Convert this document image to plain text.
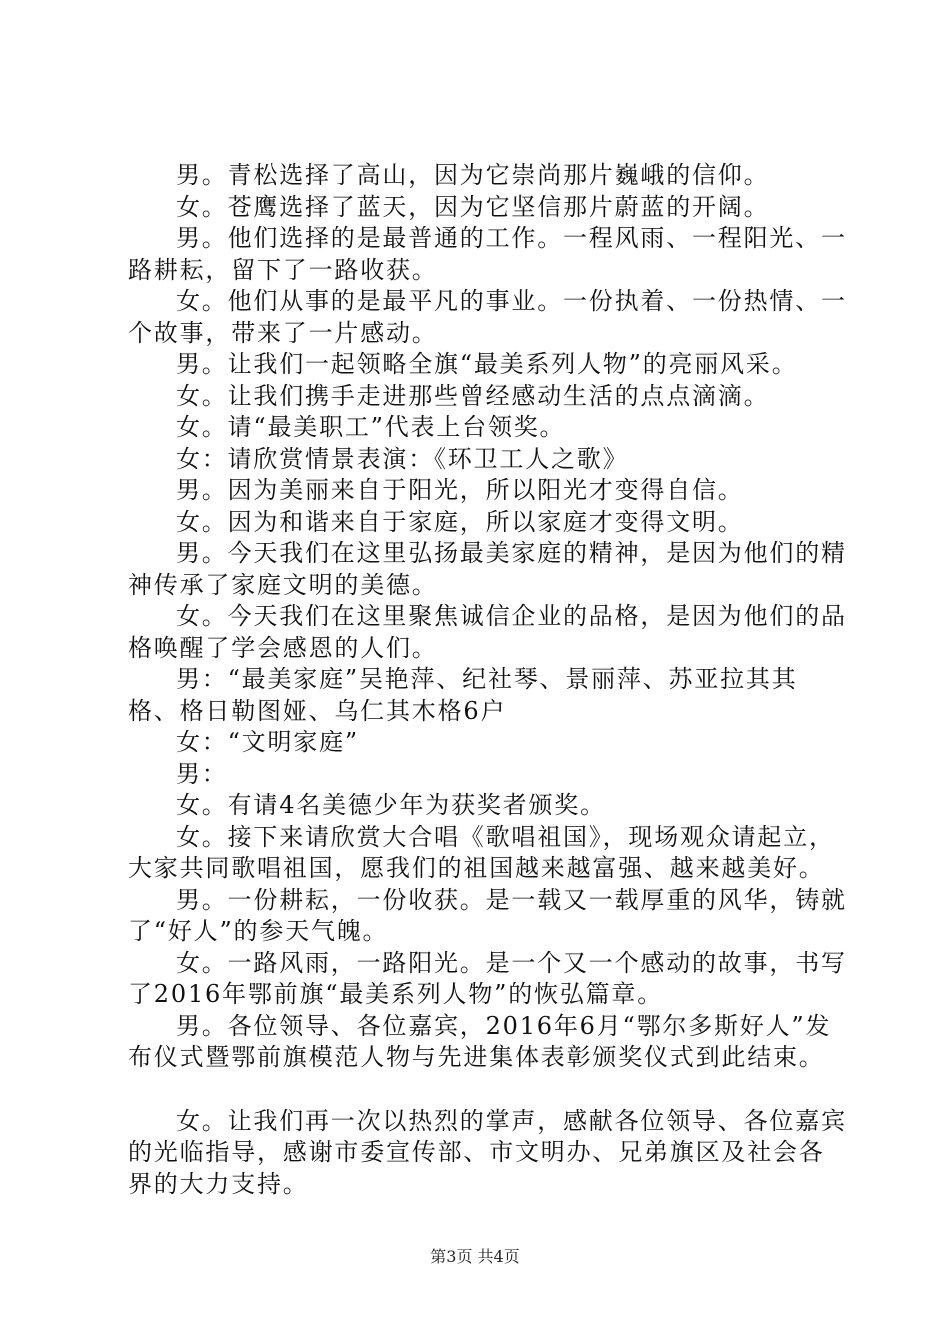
男。青松选择了高山，因为它崇尚那片巍峨的信仰。

女。苍鹰选择了蓝天，因为它坚信那片蔚蓝的开阔。

男。他们选择的是最普通的工作。一程风雨、一程阳光、一路耕耘，留下了一路收获。

女。他们从事的是最平凡的事业。一份执着、一份热情、一个故事，带来了一片感动。

男。让我们一起领略全旗“最美系列人物”的亮丽风采。

女。让我们携手走进那些曾经感动生活的点点滴滴。

女。请“最美职工”代表上台领奖。

女：请欣赏情景表演：《环卫工人之歌》

男。因为美丽来自于阳光，所以阳光才变得自信。

女。因为和谐来自于家庭，所以家庭才变得文明。

男。今天我们在这里弘扬最美家庭的精神，是因为他们的精神传承了家庭文明的美德。

女。今天我们在这里聚焦诚信企业的品格，是因为他们的品格唤醒了学会感恩的人们。

男：“最美家庭”吴艳萍、纪社琴、景丽萍、苏亚拉其其格、格日勒图娅、乌仁其木格6户

女：“文明家庭”

男：

女。有请4名美德少年为获奖者颁奖。

女。接下来请欣赏大合唱《歌唱祖国》，现场观众请起立，大家共同歌唱祖国，愿我们的祖国越来越富强、越来越美好。

男。一份耕耘，一份收获。是一载又一载厚重的风华，铸就了“好人”的参天气魄。

女。一路风雨，一路阳光。是一个又一个感动的故事，书写了2016年鄂前旗“最美系列人物”的恢弘篇章。

男。各位领导、各位嘉宾，2016年6月“鄂尔多斯好人”发布仪式暨鄂前旗模范人物与先进集体表彰颁奖仪式到此结束。

女。让我们再一次以热烈的掌声，感献各位领导、各位嘉宾的光临指导，感谢市委宣传部、市文明办、兄弟旗区及社会各界的大力支持。

第3页 共4页
